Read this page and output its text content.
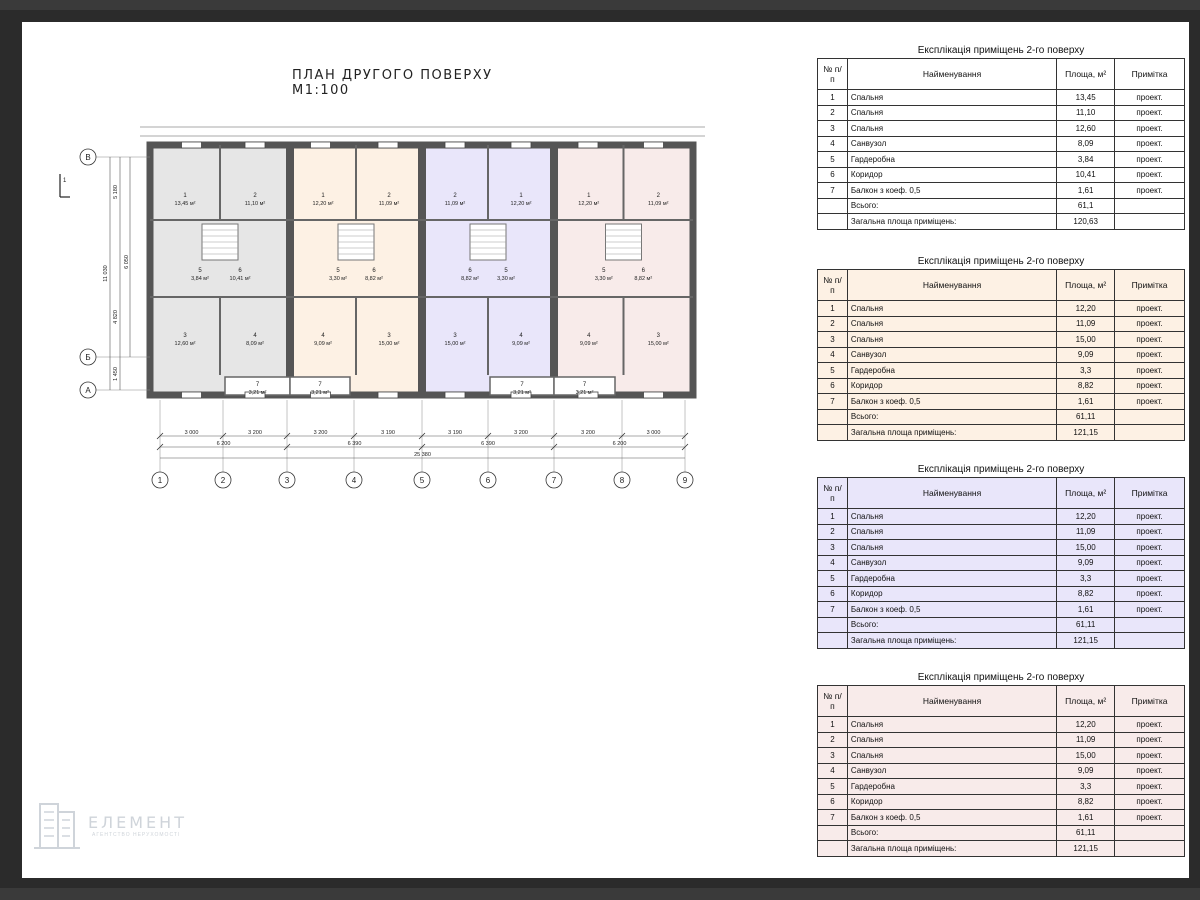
ПЛАН ДРУГОГО ПОВЕРХУ М1:100
1
13,45 м²
2
11,10 м²
1
12,20 м²
2
11,09 м²
2
11,09 м²
1
12,20 м²
1
12,20 м²
2
11,09 м²
3
12,60 м²
4
8,09 м²
4
9,09 м²
3
15,00 м²
3
15,00 м²
4
9,09 м²
4
9,09 м²
3
15,00 м²
5
3,84 м²
6
10,41 м²
5
3,30 м²
6
8,82 м²
6
8,82 м²
5
3,30 м²
5
3,30 м²
6
8,82 м²
7
3,21 м²
7
3,21 м²
7
3,21 м²
7
3,21 м²
1	2	3	4	5	6	7	8	9
В
Б
А
3 000	3 200	3 200	3 190	3 190	3 200	3 200	3 000
6 200	6 390	6 390	6 200
25 380
11 030
5 180
6 050
4 820
1 450
1
Експлікація приміщень 2-го поверху
№ п/п	Найменування	Площа, м²	Примітка
1	Спальня	13,45	проект.
2	Спальня	11,10	проект.
3	Спальня	12,60	проект.
4	Санвузол	8,09	проект.
5	Гардеробна	3,84	проект.
6	Коридор	10,41	проект.
7	Балкон з коеф. 0,5	1,61	проект.
	Всього:	61,1	
	Загальна площа приміщень:	120,63	
Експлікація приміщень 2-го поверху
№ п/п	Найменування	Площа, м²	Примітка
1	Спальня	12,20	проект.
2	Спальня	11,09	проект.
3	Спальня	15,00	проект.
4	Санвузол	9,09	проект.
5	Гардеробна	3,3	проект.
6	Коридор	8,82	проект.
7	Балкон з коеф. 0,5	1,61	проект.
	Всього:	61,11	
	Загальна площа приміщень:	121,15	
Експлікація приміщень 2-го поверху
№ п/п	Найменування	Площа, м²	Примітка
1	Спальня	12,20	проект.
2	Спальня	11,09	проект.
3	Спальня	15,00	проект.
4	Санвузол	9,09	проект.
5	Гардеробна	3,3	проект.
6	Коридор	8,82	проект.
7	Балкон з коеф. 0,5	1,61	проект.
	Всього:	61,11	
	Загальна площа приміщень:	121,15	
Експлікація приміщень 2-го поверху
№ п/п	Найменування	Площа, м²	Примітка
1	Спальня	12,20	проект.
2	Спальня	11,09	проект.
3	Спальня	15,00	проект.
4	Санвузол	9,09	проект.
5	Гардеробна	3,3	проект.
6	Коридор	8,82	проект.
7	Балкон з коеф. 0,5	1,61	проект.
	Всього:	61,11	
	Загальна площа приміщень:	121,15	
ЕЛЕМЕНТ
АГЕНТСТВО НЕРУХОМОСТІ
